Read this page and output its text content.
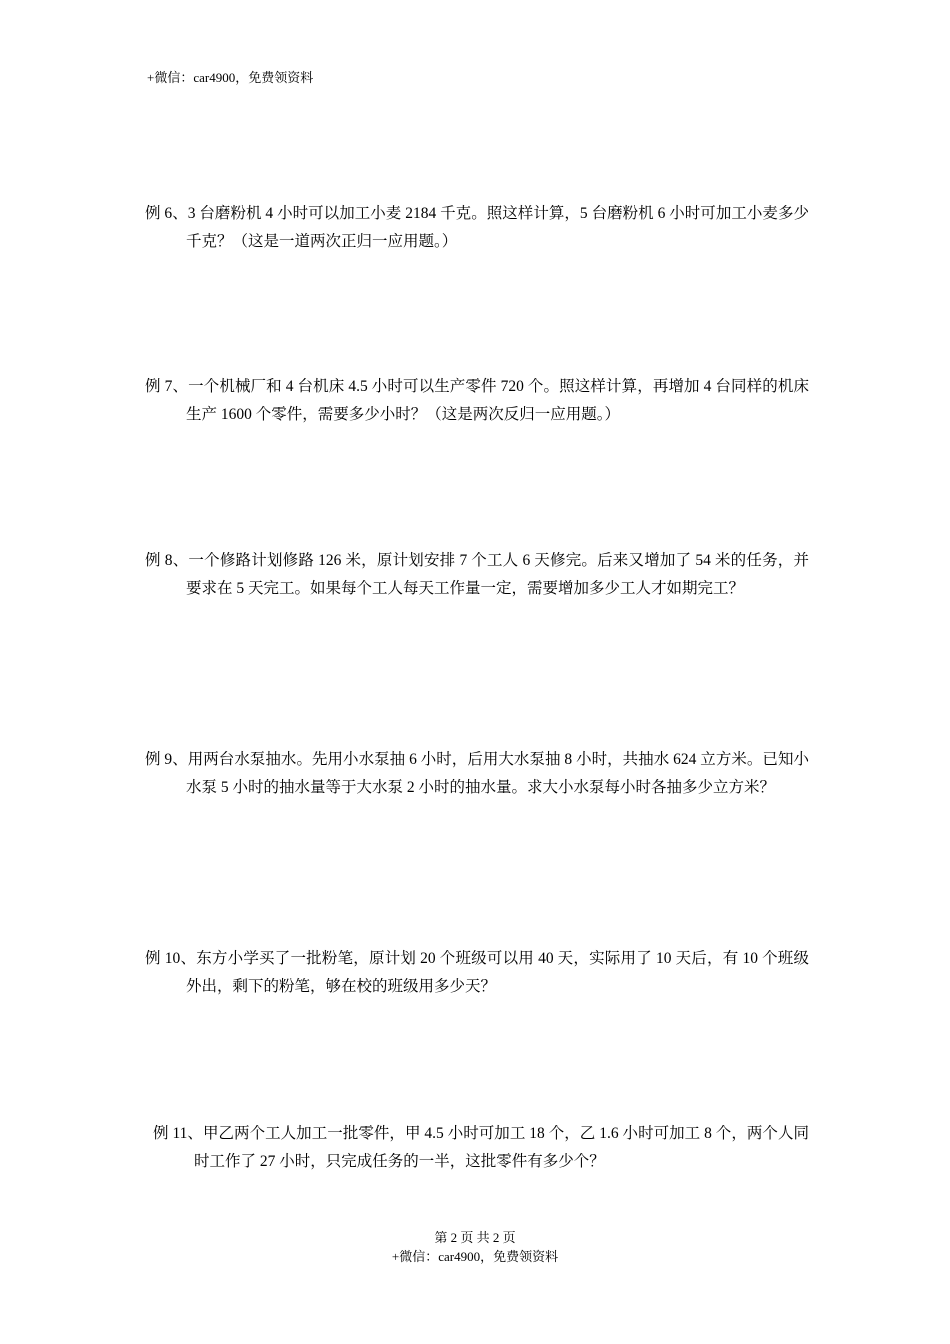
+微信：car4900，免费领资料
例 6、3 台磨粉机 4 小时可以加工小麦 2184 千克。照这样计算，5 台磨粉机 6 小时可加工小麦多少千克？（这是一道两次正归一应用题。）
例 7、一个机械厂和 4 台机床 4.5 小时可以生产零件 720 个。照这样计算，再增加 4 台同样的机床生产 1600 个零件，需要多少小时？（这是两次反归一应用题。）
例 8、一个修路计划修路 126 米，原计划安排 7 个工人 6 天修完。后来又增加了 54 米的任务，并要求在 5 天完工。如果每个工人每天工作量一定，需要增加多少工人才如期完工？
例 9、用两台水泵抽水。先用小水泵抽 6 小时，后用大水泵抽 8 小时，共抽水 624 立方米。已知小水泵 5 小时的抽水量等于大水泵 2 小时的抽水量。求大小水泵每小时各抽多少立方米？
例 10、东方小学买了一批粉笔，原计划 20 个班级可以用 40 天，实际用了 10 天后，有 10 个班级外出，剩下的粉笔，够在校的班级用多少天？
例 11、甲乙两个工人加工一批零件，甲 4.5 小时可加工 18 个，乙 1.6 小时可加工 8 个，两个人同时工作了 27 小时，只完成任务的一半，这批零件有多少个？
第 2 页 共 2 页
+微信：car4900，免费领资料
